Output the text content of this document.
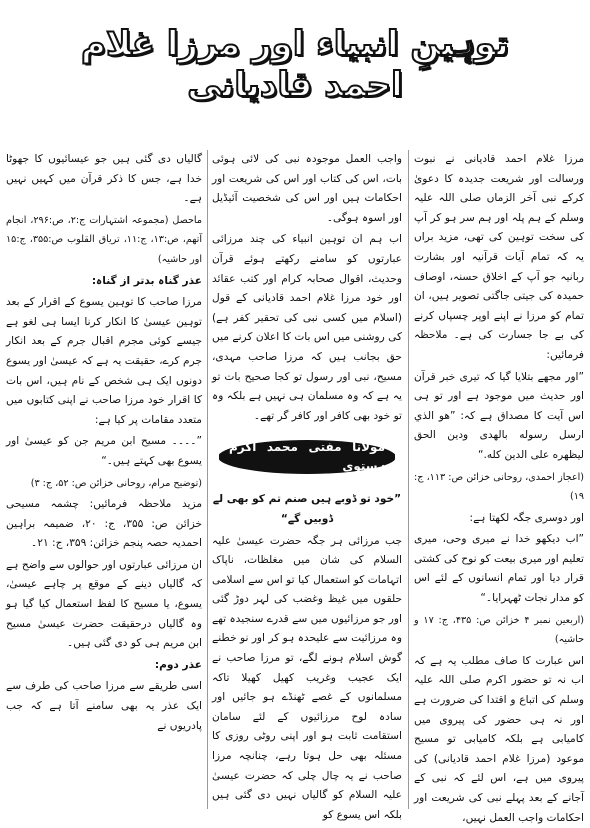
توہینِ انبیاء اور مرزا غلام احمد قادیانی

مرزا غلام احمد قادیانی نے نبوت ورسالت اور شریعت جدیدہ کا دعویٰ کرکے نبی آخر الزماں صلی اللہ علیہ وسلم کے ہم پلہ اور ہم سر ہو کر آپ کی سخت توہین کی تھی، مزید براں یہ کہ تمام آیات قرآنیہ اور بشارت ربانیہ جو آپ کے اخلاق حسنہ، اوصاف حمیدہ کی جیتی جاگتی تصویر ہیں، ان تمام کو مرزا نے اپنے اوپر چسپاں کرنے کی بے جا جسارت کی ہے۔ ملاحظہ فرمائیں:

”اور مجھے بتلایا گیا کہ تیری خبر قرآن اور حدیث میں موجود ہے اور تو ہی اس آیت کا مصداق ہے کہ: ”هو الذي ارسل رسوله بالهدى ودين الحق ليظهره على الدين كله.“

(اعجاز احمدی، روحانی خزائن ص: ۱۱۳، ج: ۱۹)

اور دوسری جگہ لکھتا ہے:

”اب دیکھو خدا نے میری وحی، میری تعلیم اور میری بیعت کو نوح کی کشتی قرار دیا اور تمام انسانوں کے لئے اس کو مدار نجات ٹھہرایا۔“

(اربعین نمبر ۴ خزائن ص: ۴۳۵، ج: ۱۷ و حاشیہ)

اس عبارت کا صاف مطلب یہ ہے کہ اب نہ تو حضور اکرم صلی اللہ علیہ وسلم کی اتباع و اقتدا کی ضرورت ہے اور نہ ہی حضور کی پیروی میں کامیابی ہے بلکہ کامیابی تو مسیح موعود (مرزا غلام احمد قادیانی) کی پیروی میں ہے، اس لئے کہ نبی کے آجانے کے بعد پہلے نبی کی شریعت اور احکامات واجب العمل نہیں،

واجب العمل موجودہ نبی کی لائی ہوئی بات، اس کی کتاب اور اس کی شریعت اور احکامات ہیں اور اس کی شخصیت آئیڈیل اور اسوہ ہوگی۔

اب ہم ان توہین انبیاء کی چند مرزائی عبارتوں کو سامنے رکھتے ہوئے قرآن وحدیث، اقوال صحابہ کرام اور کتب عقائد اور خود مرزا غلام احمد قادیانی کے قول (اسلام میں کسی نبی کی تحقیر کفر ہے) کی روشنی میں اس بات کا اعلان کرنے میں حق بجانب ہیں کہ مرزا صاحب مہدی، مسیح، نبی اور رسول تو کجا صحیح بات تو یہ ہے کہ وہ مسلمان ہی نہیں ہے بلکہ وہ تو خود بھی کافر اور کافر گر تھے۔

مولانا مفتی محمد اکرم ہستوی

”خود تو ڈوبے ہیں صنم تم کو بھی لے ڈوبیں گے“

جب مرزائی ہر جگہ حضرت عیسیٰ علیہ السلام کی شان میں مغلظات، ناپاک اتہامات کو استعمال کیا تو اس سے اسلامی حلقوں میں غیظ وغضب کی لہر دوڑ گئی اور جو مرزائیوں میں سے قدرے سنجیدہ تھے وہ مرزائیت سے علیحدہ ہو کر اور نو خطنے گوش اسلام ہونے لگے، تو مرزا صاحب نے ایک عجیب وغریب کھیل کھیلا تاکہ مسلمانوں کے غصے ٹھنڈے ہو جائیں اور سادہ لوح مرزائیوں کے لئے سامان استقامت ثابت ہو اور اپنی روٹی روزی کا مسئلہ بھی حل ہوتا رہے، چنانچہ مرزا صاحب نے یہ چال چلی کہ حضرت عیسیٰ علیہ السلام کو گالیاں نہیں دی گئی ہیں بلکہ اس یسوع کو

گالیاں دی گئی ہیں جو عیسائیوں کا جھوٹا خدا ہے، جس کا ذکر قرآن میں کہیں نہیں ہے۔

ماحصل (مجموعہ اشتہارات ج:۲، ص:۲۹۶، انجام آتھم، ص:۱۳، ج:۱۱، تریاق القلوب ص:۳۵۵، ج:۱۵ اور حاشیہ)

عذر گناہ بدتر از گناہ:

مرزا صاحب کا توہین یسوع کے اقرار کے بعد توہین عیسیٰ کا انکار کرنا ایسا ہی لغو ہے جیسے کوئی مجرم اقبال جرم کے بعد انکار جرم کرے، حقیقت یہ ہے کہ عیسیٰ اور یسوع دونوں ایک ہی شخص کے نام ہیں، اس بات کا اقرار خود مرزا صاحب نے اپنی کتابوں میں متعدد مقامات پر کیا ہے:

”۔۔۔۔ مسیح ابن مریم جن کو عیسیٰ اور یسوع بھی کہتے ہیں۔“

(توضیح مرام، روحانی خزائن ص: ۵۲، ج: ۳)

مزید ملاحظہ فرمائیں: چشمہ مسیحی خزائن ص: ۳۵۵، ج: ۲۰، ضمیمہ براہین احمدیہ حصہ پنجم خزائن: ۳۵۹، ج: ۲۱۔

ان مرزائی عبارتوں اور حوالوں سے واضح ہے کہ گالیاں دینے کے موقع پر چاہے عیسیٰ، یسوع، یا مسیح کا لفظ استعمال کیا گیا ہو وہ گالیاں درحقیقت حضرت عیسیٰ مسیح ابن مریم ہی کو دی گئی ہیں۔

عذر دوم:

اسی طریقے سے مرزا صاحب کی طرف سے ایک عذر یہ بھی سامنے آتا ہے کہ جب پادریوں نے
